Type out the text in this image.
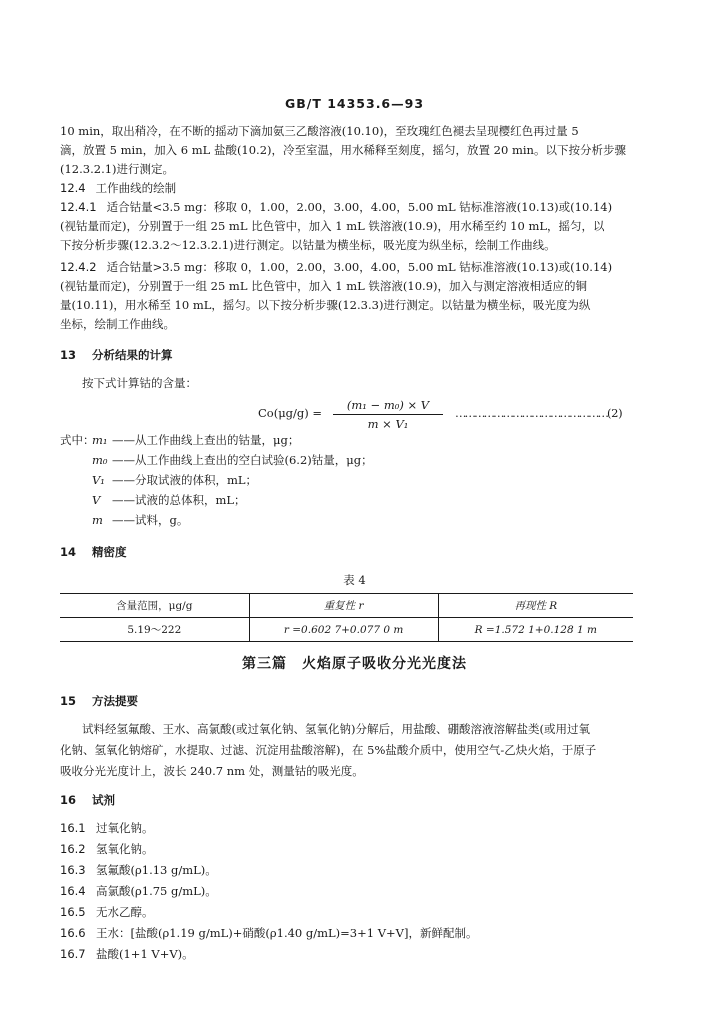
GB/T 14353.6—93
10 min，取出稍冷，在不断的摇动下滴加氨三乙酸溶液(10.10)，至玫瑰红色褪去呈现樱红色再过量 5
滴，放置 5 min，加入 6 mL 盐酸(10.2)，冷至室温，用水稀释至刻度，摇匀，放置 20 min。以下按分析步骤
(12.3.2.1)进行测定。
12.4 工作曲线的绘制
12.4.1 适合钴量<3.5 mg：移取 0，1.00，2.00，3.00，4.00，5.00 mL 钴标准溶液(10.13)或(10.14)
(视钴量而定)，分别置于一组 25 mL 比色管中，加入 1 mL 铁溶液(10.9)，用水稀至约 10 mL，摇匀，以
下按分析步骤(12.3.2～12.3.2.1)进行测定。以钴量为横坐标，吸光度为纵坐标，绘制工作曲线。
12.4.2 适合钴量>3.5 mg：移取 0，1.00，2.00，3.00，4.00，5.00 mL 钴标准溶液(10.13)或(10.14)
(视钴量而定)，分别置于一组 25 mL 比色管中，加入 1 mL 铁溶液(10.9)，加入与测定溶液相适应的铜
量(10.11)，用水稀至 10 mL，摇匀。以下按分析步骤(12.3.3)进行测定。以钴量为横坐标，吸光度为纵
坐标，绘制工作曲线。
13 分析结果的计算
按下式计算钴的含量：
Co(μg/g) =
(m₁ − m₀) × V
m × V₁
…………………………………………( 2 )
式中：
m₁ ——从工作曲线上查出的钴量，μg；
m₀ ——从工作曲线上查出的空白试验(6.2)钴量，μg；
V₁ ——分取试液的体积，mL；
V ——试液的总体积，mL；
m ——试料，g。
14 精密度
表 4
含量范围，μg/g	重复性 r	再现性 R
5.19～222	r =0.602 7+0.077 0 m	R =1.572 1+0.128 1 m
第三篇　火焰原子吸收分光光度法
15 方法提要
试料经氢氟酸、王水、高氯酸(或过氧化钠、氢氧化钠)分解后，用盐酸、硼酸溶液溶解盐类(或用过氧
化钠、氢氧化钠熔矿，水提取、过滤、沉淀用盐酸溶解)，在 5%盐酸介质中，使用空气-乙炔火焰，于原子
吸收分光光度计上，波长 240.7 nm 处，测量钴的吸光度。
16 试剂
16.1 过氧化钠。
16.2 氢氧化钠。
16.3 氢氟酸(ρ1.13 g/mL)。
16.4 高氯酸(ρ1.75 g/mL)。
16.5 无水乙醇。
16.6 王水：[盐酸(ρ1.19 g/mL)+硝酸(ρ1.40 g/mL)=3+1 V+V]，新鲜配制。
16.7 盐酸(1+1 V+V)。
